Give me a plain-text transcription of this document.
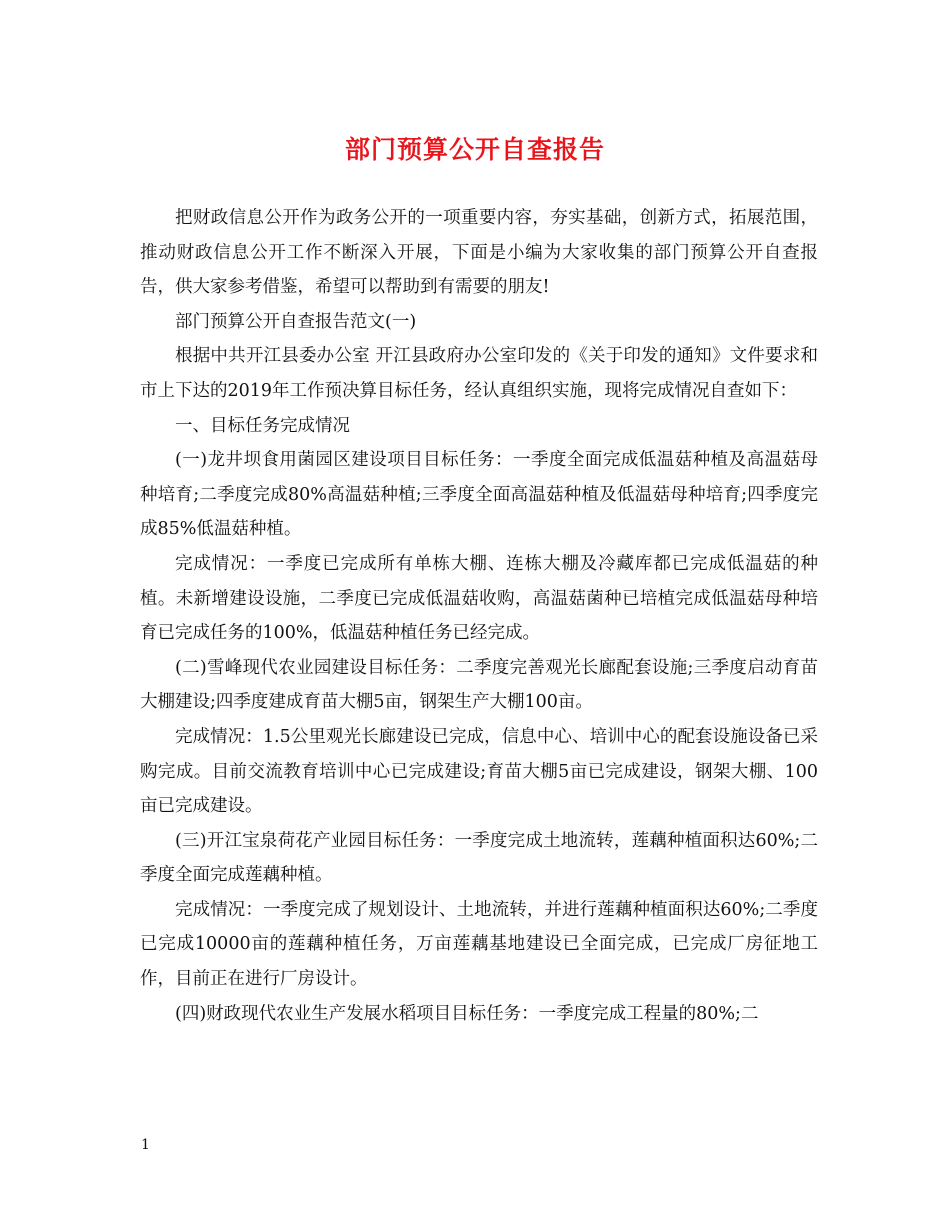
部门预算公开自查报告

把财政信息公开作为政务公开的一项重要内容，夯实基础，创新方式，拓展范围，推动财政信息公开工作不断深入开展，下面是小编为大家收集的部门预算公开自查报告，供大家参考借鉴，希望可以帮助到有需要的朋友!

部门预算公开自查报告范文(一)

根据中共开江县委办公室 开江县政府办公室印发的《关于印发的通知》文件要求和市上下达的2019年工作预决算目标任务，经认真组织实施，现将完成情况自查如下：

一、目标任务完成情况

(一)龙井坝食用菌园区建设项目目标任务：一季度全面完成低温菇种植及高温菇母种培育;二季度完成80%高温菇种植;三季度全面高温菇种植及低温菇母种培育;四季度完成85%低温菇种植。

完成情况：一季度已完成所有单栋大棚、连栋大棚及冷藏库都已完成低温菇的种植。未新增建设设施，二季度已完成低温菇收购，高温菇菌种已培植完成低温菇母种培育已完成任务的100%，低温菇种植任务已经完成。

(二)雪峰现代农业园建设目标任务：二季度完善观光长廊配套设施;三季度启动育苗大棚建设;四季度建成育苗大棚5亩，钢架生产大棚100亩。

完成情况：1.5公里观光长廊建设已完成，信息中心、培训中心的配套设施设备已采购完成。目前交流教育培训中心已完成建设;育苗大棚5亩已完成建设，钢架大棚、100亩已完成建设。

(三)开江宝泉荷花产业园目标任务：一季度完成土地流转，莲藕种植面积达60%;二季度全面完成莲藕种植。

完成情况：一季度完成了规划设计、土地流转，并进行莲藕种植面积达60%;二季度已完成10000亩的莲藕种植任务，万亩莲藕基地建设已全面完成，已完成厂房征地工作，目前正在进行厂房设计。

(四)财政现代农业生产发展水稻项目目标任务：一季度完成工程量的80%;二

1
